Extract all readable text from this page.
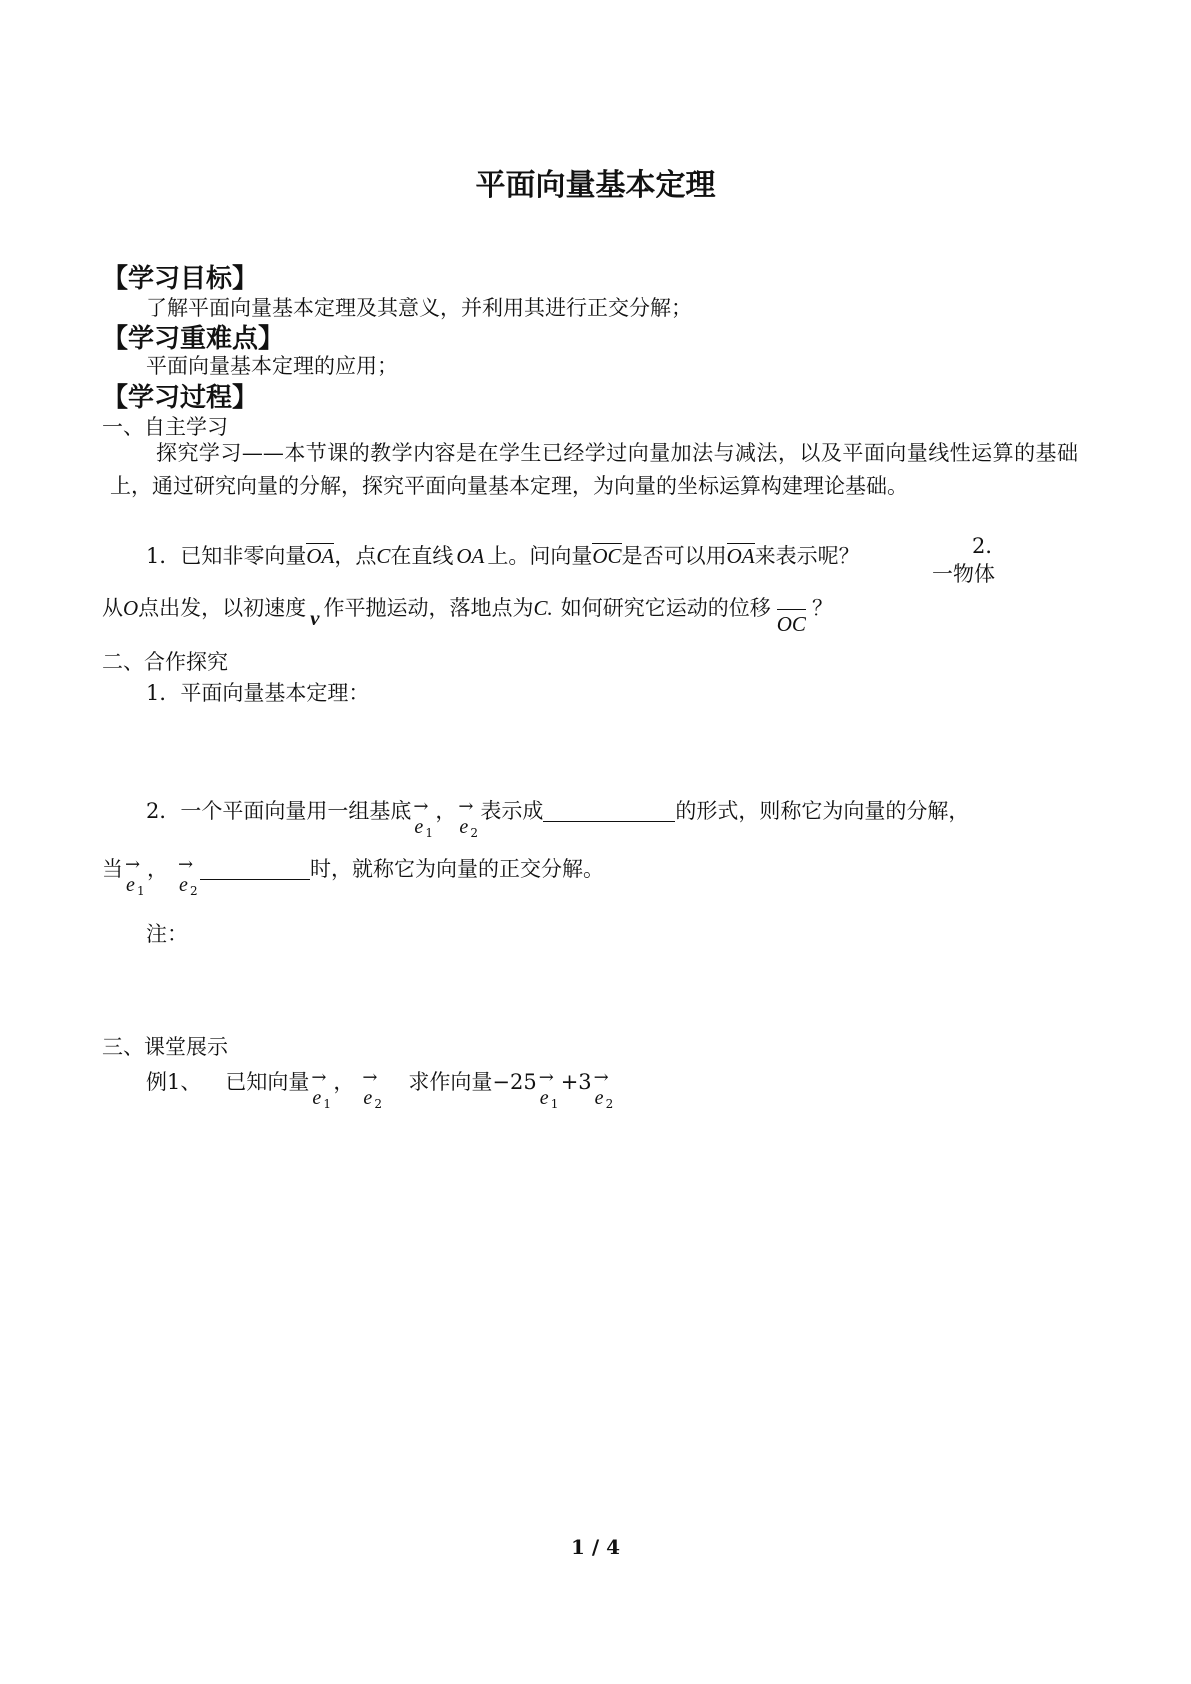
平面向量基本定理
【学习目标】
了解平面向量基本定理及其意义，并利用其进行正交分解；
【学习重难点】
平面向量基本定理的应用；
【学习过程】
一、自主学习
探究学习——本节课的教学内容是在学生已经学过向量加法与减法，以及平面向量线性运算的基础上，通过研究向量的分解，探究平面向量基本定理，为向量的坐标运算构建理论基础。
1．已知非零向量OA，点C在直线 OA 上。问向量OC是否可以用OA来表示呢？	2．
一物体
从O点出发，以初速度 v 作平抛运动，落地点为C. 如何研究它运动的位移OC？
二、合作探究
1．平面向量基本定理：
2．一个平面向量用一组基底 →
e 1
， →
e 2
表示成	的形式，则称它为向量的分解，
当 →
e 1
， →
e 2
时，就称它为向量的正交分解。
注：
三、课堂展示
例1、 已知向量 →
e 1
， →
e 2
求作向量−25 →
e 1
+3 →
e 2
1 / 4
